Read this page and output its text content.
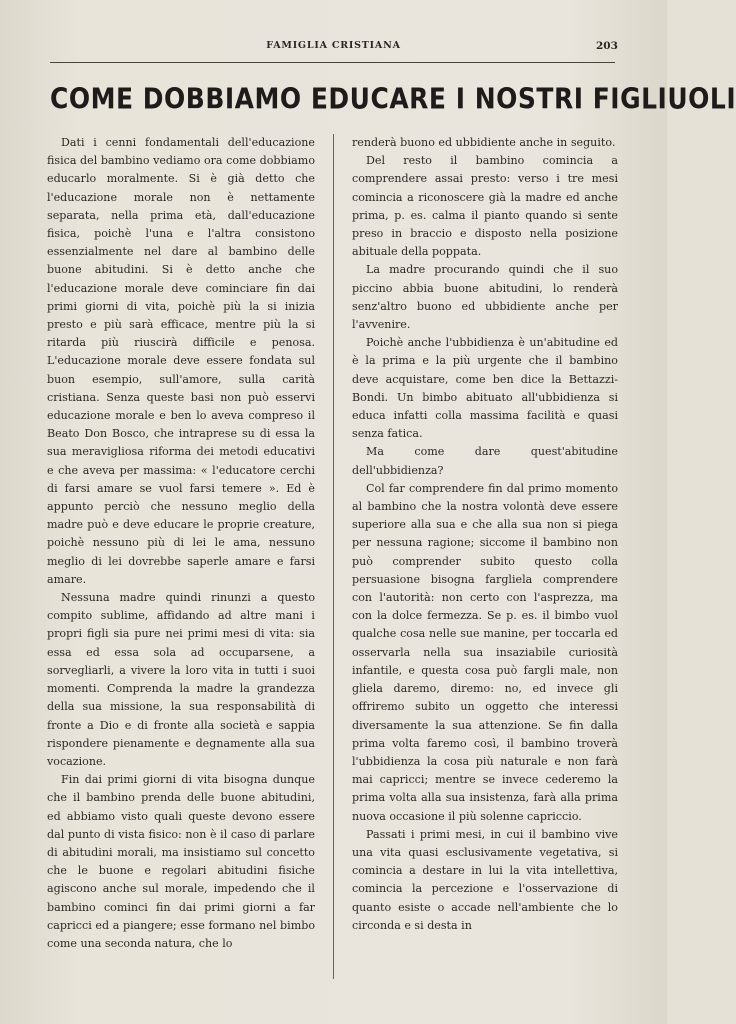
FAMIGLIA CRISTIANA	203
COME DOBBIAMO EDUCARE I NOSTRI FIGLIUOLI

Dati i cenni fondamentali dell'educazione fisica del bambino vediamo ora come dobbiamo educarlo moralmente. Si è già detto che l'educazione morale non è nettamente separata, nella prima età, dall'educazione fisica, poichè l'una e l'altra consistono essenzialmente nel dare al bambino delle buone abitudini. Si è detto anche che l'educazione morale deve cominciare fin dai primi giorni di vita, poichè più la si inizia presto e più sarà efficace, mentre più la si ritarda più riuscirà difficile e penosa. L'educazione morale deve essere fondata sul buon esempio, sull'amore, sulla carità cristiana. Senza queste basi non può esservi educazione morale e ben lo aveva compreso il Beato Don Bosco, che intraprese su di essa la sua meravigliosa riforma dei metodi educativi e che aveva per massima: « l'educatore cerchi di farsi amare se vuol farsi temere ». Ed è appunto perciò che nessuno meglio della madre può e deve educare le proprie creature, poichè nessuno più di lei le ama, nessuno meglio di lei dovrebbe saperle amare e farsi amare.

Nessuna madre quindi rinunzi a questo compito sublime, affidando ad altre mani i propri figli sia pure nei primi mesi di vita: sia essa ed essa sola ad occuparsene, a sorvegliarli, a vivere la loro vita in tutti i suoi momenti. Comprenda la madre la grandezza della sua missione, la sua responsabilità di fronte a Dio e di fronte alla società e sappia rispondere pienamente e degnamente alla sua vocazione.

Fin dai primi giorni di vita bisogna dunque che il bambino prenda delle buone abitudini, ed abbiamo visto quali queste devono essere dal punto di vista fisico: non è il caso di parlare di abitudini morali, ma insistiamo sul concetto che le buone e regolari abitudini fisiche agiscono anche sul morale, impedendo che il bambino cominci fin dai primi giorni a far capricci ed a piangere; esse formano nel bimbo come una seconda natura, che lo

renderà buono ed ubbidiente anche in seguito.

Del resto il bambino comincia a comprendere assai presto: verso i tre mesi comincia a riconoscere già la madre ed anche prima, p. es. calma il pianto quando si sente preso in braccio e disposto nella posizione abituale della poppata.

La madre procurando quindi che il suo piccino abbia buone abitudini, lo renderà senz'altro buono ed ubbidiente anche per l'avvenire.

Poichè anche l'ubbidienza è un'abitudine ed è la prima e la più urgente che il bambino deve acquistare, come ben dice la Bettazzi-Bondi. Un bimbo abituato all'ubbidienza si educa infatti colla massima facilità e quasi senza fatica.

Ma come dare quest'abitudine dell'ubbidienza?

Col far comprendere fin dal primo momento al bambino che la nostra volontà deve essere superiore alla sua e che alla sua non si piega per nessuna ragione; siccome il bambino non può comprender subito questo colla persuasione bisogna fargliela comprendere con l'autorità: non certo con l'asprezza, ma con la dolce fermezza. Se p. es. il bimbo vuol qualche cosa nelle sue manine, per toccarla ed osservarla nella sua insaziabile curiosità infantile, e questa cosa può fargli male, non gliela daremo, diremo: no, ed invece gli offriremo subito un oggetto che interessi diversamente la sua attenzione. Se fin dalla prima volta faremo così, il bambino troverà l'ubbidienza la cosa più naturale e non farà mai capricci; mentre se invece cederemo la prima volta alla sua insistenza, farà alla prima nuova occasione il più solenne capriccio.

Passati i primi mesi, in cui il bambino vive una vita quasi esclusivamente vegetativa, si comincia a destare in lui la vita intellettiva, comincia la percezione e l'osservazione di quanto esiste o accade nell'ambiente che lo circonda e si desta in
